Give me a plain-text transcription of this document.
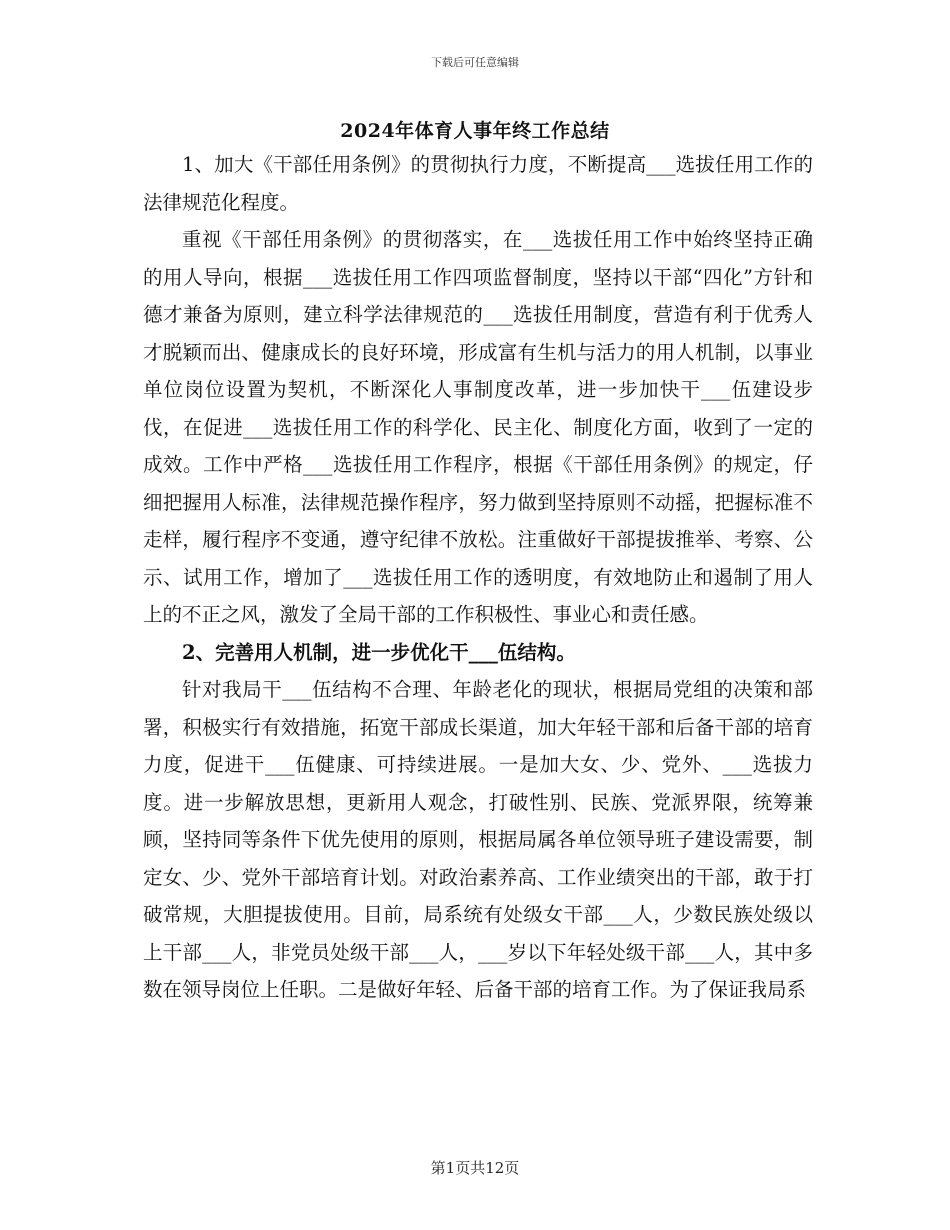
下载后可任意编辑
2024年体育人事年终工作总结

1、加大《干部任用条例》的贯彻执行力度，不断提高___选拔任用工作的法律规范化程度。

重视《干部任用条例》的贯彻落实，在___选拔任用工作中始终坚持正确的用人导向，根据___选拔任用工作四项监督制度，坚持以干部“四化”方针和德才兼备为原则，建立科学法律规范的___选拔任用制度，营造有利于优秀人才脱颖而出、健康成长的良好环境，形成富有生机与活力的用人机制，以事业单位岗位设置为契机，不断深化人事制度改革，进一步加快干___伍建设步伐，在促进___选拔任用工作的科学化、民主化、制度化方面，收到了一定的成效。工作中严格___选拔任用工作程序，根据《干部任用条例》的规定，仔细把握用人标准，法律规范操作程序，努力做到坚持原则不动摇，把握标准不走样，履行程序不变通，遵守纪律不放松。注重做好干部提拔推举、考察、公示、试用工作，增加了___选拔任用工作的透明度，有效地防止和遏制了用人上的不正之风，激发了全局干部的工作积极性、事业心和责任感。

2、完善用人机制，进一步优化干___伍结构。

针对我局干___伍结构不合理、年龄老化的现状，根据局党组的决策和部署，积极实行有效措施，拓宽干部成长渠道，加大年轻干部和后备干部的培育力度，促进干___伍健康、可持续进展。一是加大女、少、党外、___选拔力度。进一步解放思想，更新用人观念，打破性别、民族、党派界限，统筹兼顾，坚持同等条件下优先使用的原则，根据局属各单位领导班子建设需要，制定女、少、党外干部培育计划。对政治素养高、工作业绩突出的干部，敢于打破常规，大胆提拔使用。目前，局系统有处级女干部___人，少数民族处级以上干部___人，非党员处级干部___人，___岁以下年轻处级干部___人，其中多数在领导岗位上任职。二是做好年轻、后备干部的培育工作。为了保证我局系

第1页共12页
